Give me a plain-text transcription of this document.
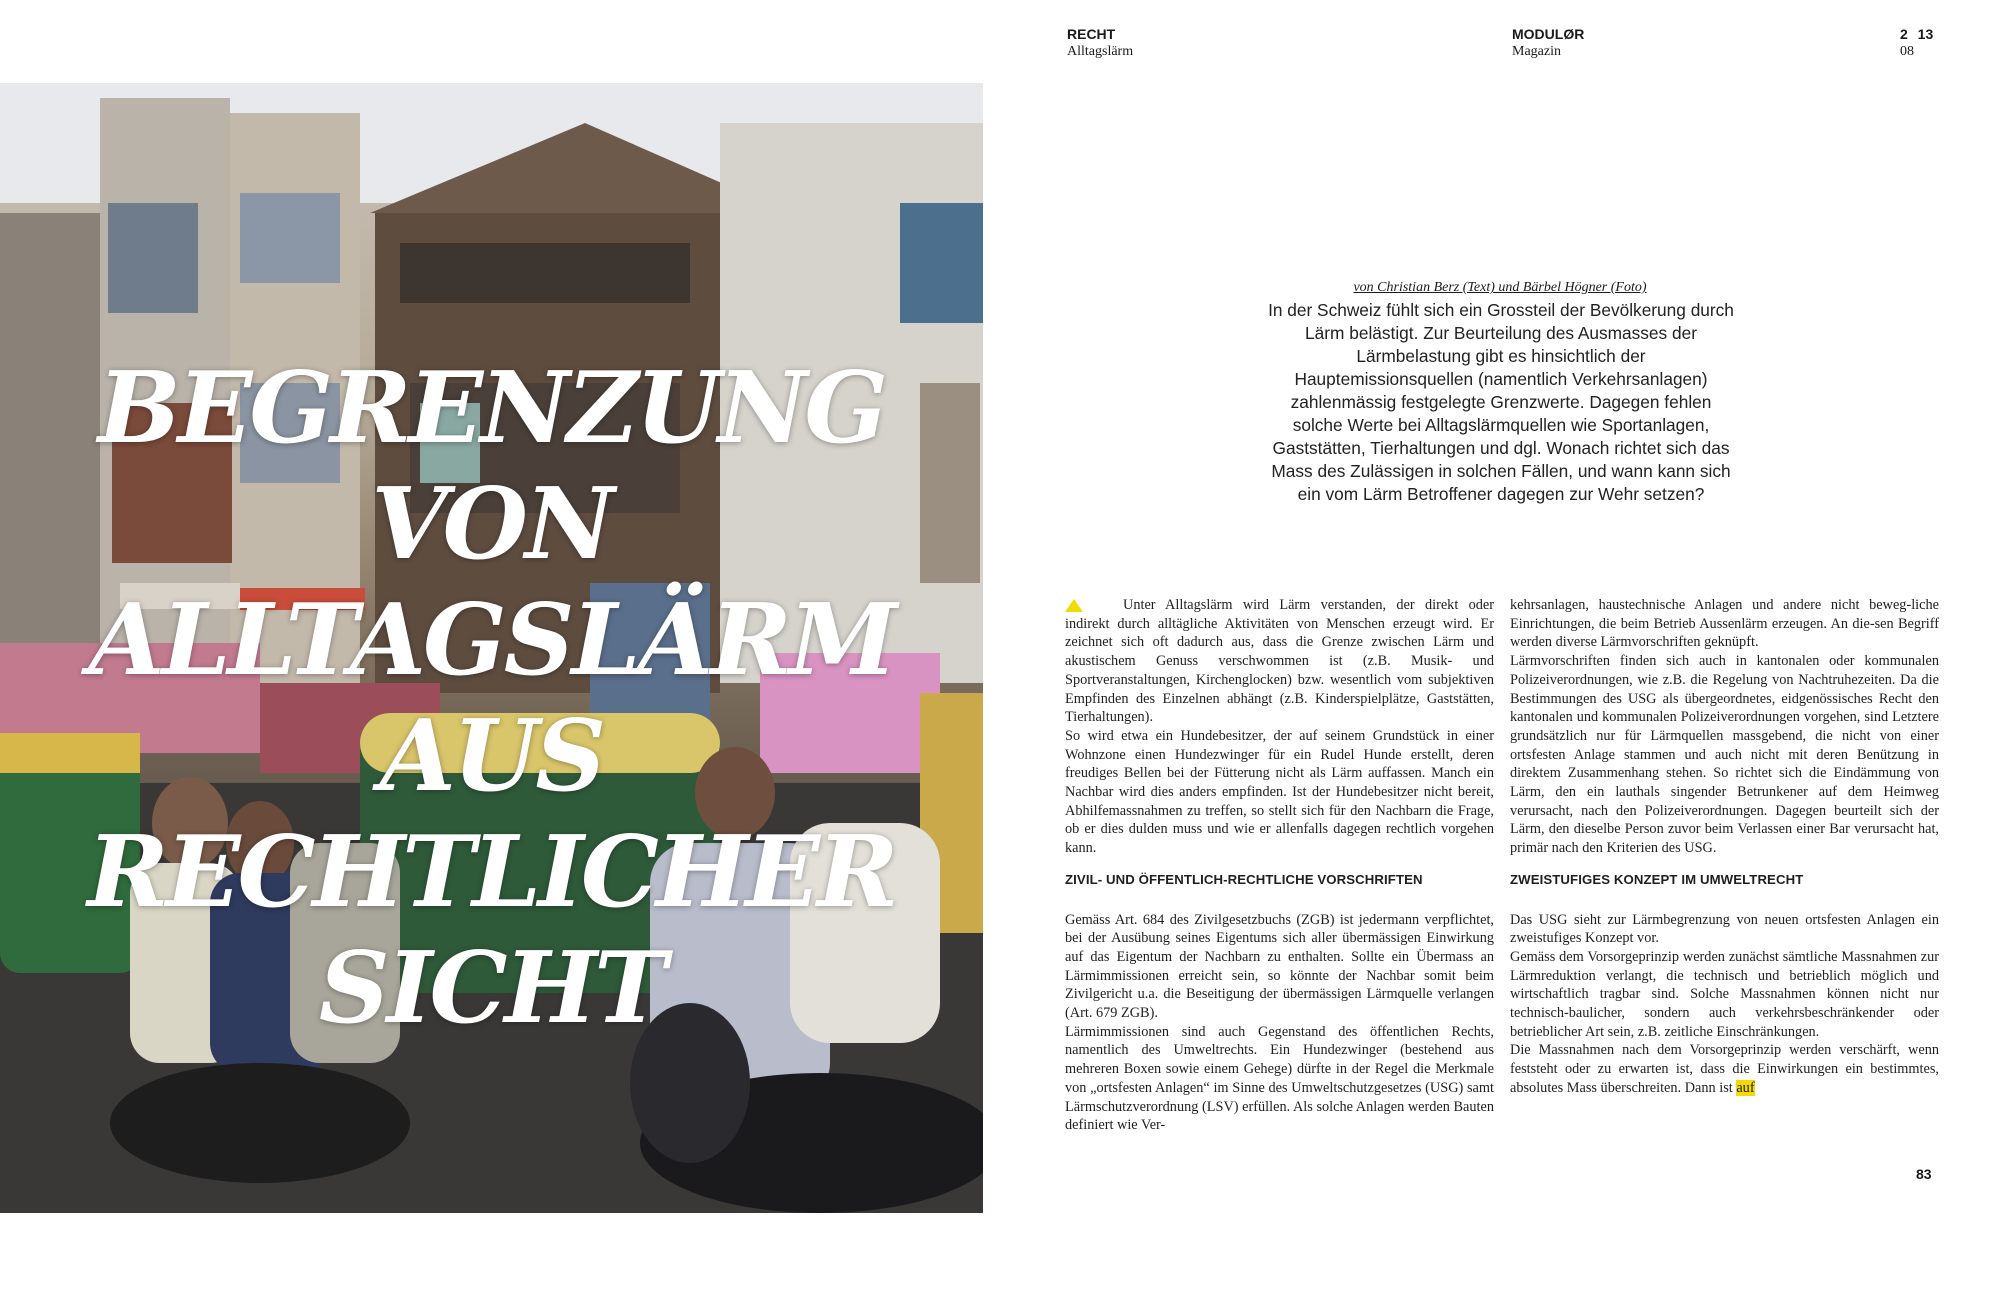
BEGRENZUNG
VON
ALLTAGSLÄRM
AUS
RECHTLICHER
SICHT
RECHT
Alltagslärm
MODULØR
Magazin
2 13
08

von Christian Berz (Text) und Bärbel Högner (Foto)

In der Schweiz fühlt sich ein Grossteil der Bevölkerung durch Lärm belästigt. Zur Beurteilung des Ausmasses der Lärmbelastung gibt es hinsichtlich der Hauptemissionsquellen (namentlich Verkehrsanlagen) zahlenmässig festgelegte Grenzwerte. Dagegen fehlen solche Werte bei Alltagslärmquellen wie Sportanlagen, Gaststätten, Tierhaltungen und dgl. Wonach richtet sich das Mass des Zulässigen in solchen Fällen, und wann kann sich ein vom Lärm Betroffener dagegen zur Wehr setzen?

Unter Alltagslärm wird Lärm verstanden, der direkt oder indirekt durch alltägliche Aktivitäten von Menschen erzeugt wird. Er zeichnet sich oft dadurch aus, dass die Grenze zwischen Lärm und akustischem Genuss verschwommen ist (z.B. Musik- und Sportveranstaltungen, Kirchenglocken) bzw. wesentlich vom subjektiven Empfinden des Einzelnen abhängt (z.B. Kinderspielplätze, Gaststätten, Tierhaltungen).

So wird etwa ein Hundebesitzer, der auf seinem Grundstück in einer Wohnzone einen Hundezwinger für ein Rudel Hunde erstellt, deren freudiges Bellen bei der Fütterung nicht als Lärm auffassen. Manch ein Nachbar wird dies anders empfinden. Ist der Hundebesitzer nicht bereit, Abhilfemassnahmen zu treffen, so stellt sich für den Nachbarn die Frage, ob er dies dulden muss und wie er allenfalls dagegen rechtlich vorgehen kann.

ZIVIL- UND ÖFFENTLICH-RECHTLICHE VORSCHRIFTEN

Gemäss Art. 684 des Zivilgesetzbuchs (ZGB) ist jedermann verpflichtet, bei der Ausübung seines Eigentums sich aller übermässigen Einwirkung auf das Eigentum der Nachbarn zu enthalten. Sollte ein Übermass an Lärmimmissionen erreicht sein, so könnte der Nachbar somit beim Zivilgericht u.a. die Beseitigung der übermässigen Lärmquelle verlangen (Art. 679 ZGB).

Lärmimmissionen sind auch Gegenstand des öffentlichen Rechts, namentlich des Umweltrechts. Ein Hundezwinger (bestehend aus mehreren Boxen sowie einem Gehege) dürfte in der Regel die Merkmale von „ortsfesten Anlagen“ im Sinne des Umweltschutzgesetzes (USG) samt Lärmschutzverordnung (LSV) erfüllen. Als solche Anlagen werden Bauten definiert wie Ver-

kehrsanlagen, haustechnische Anlagen und andere nicht beweg-liche Einrichtungen, die beim Betrieb Aussenlärm erzeugen. An die-sen Begriff werden diverse Lärmvorschriften geknüpft.

Lärmvorschriften finden sich auch in kantonalen oder kommunalen Polizeiverordnungen, wie z.B. die Regelung von Nachtruhezeiten. Da die Bestimmungen des USG als übergeordnetes, eidgenössisches Recht den kantonalen und kommunalen Polizeiverordnungen vorgehen, sind Letztere grundsätzlich nur für Lärmquellen massgebend, die nicht von einer ortsfesten Anlage stammen und auch nicht mit deren Benützung in direktem Zusammenhang stehen. So richtet sich die Eindämmung von Lärm, den ein lauthals singender Betrunkener auf dem Heimweg verursacht, nach den Polizeiverordnungen. Dagegen beurteilt sich der Lärm, den dieselbe Person zuvor beim Verlassen einer Bar verursacht hat, primär nach den Kriterien des USG.

ZWEISTUFIGES KONZEPT IM UMWELTRECHT

Das USG sieht zur Lärmbegrenzung von neuen ortsfesten Anlagen ein zweistufiges Konzept vor.

Gemäss dem Vorsorgeprinzip werden zunächst sämtliche Massnahmen zur Lärmreduktion verlangt, die technisch und betrieblich möglich und wirtschaftlich tragbar sind. Solche Massnahmen können nicht nur technisch-baulicher, sondern auch verkehrsbeschränkender oder betrieblicher Art sein, z.B. zeitliche Einschränkungen.

Die Massnahmen nach dem Vorsorgeprinzip werden verschärft, wenn feststeht oder zu erwarten ist, dass die Einwirkungen ein bestimmtes, absolutes Mass überschreiten. Dann ist auf

83
